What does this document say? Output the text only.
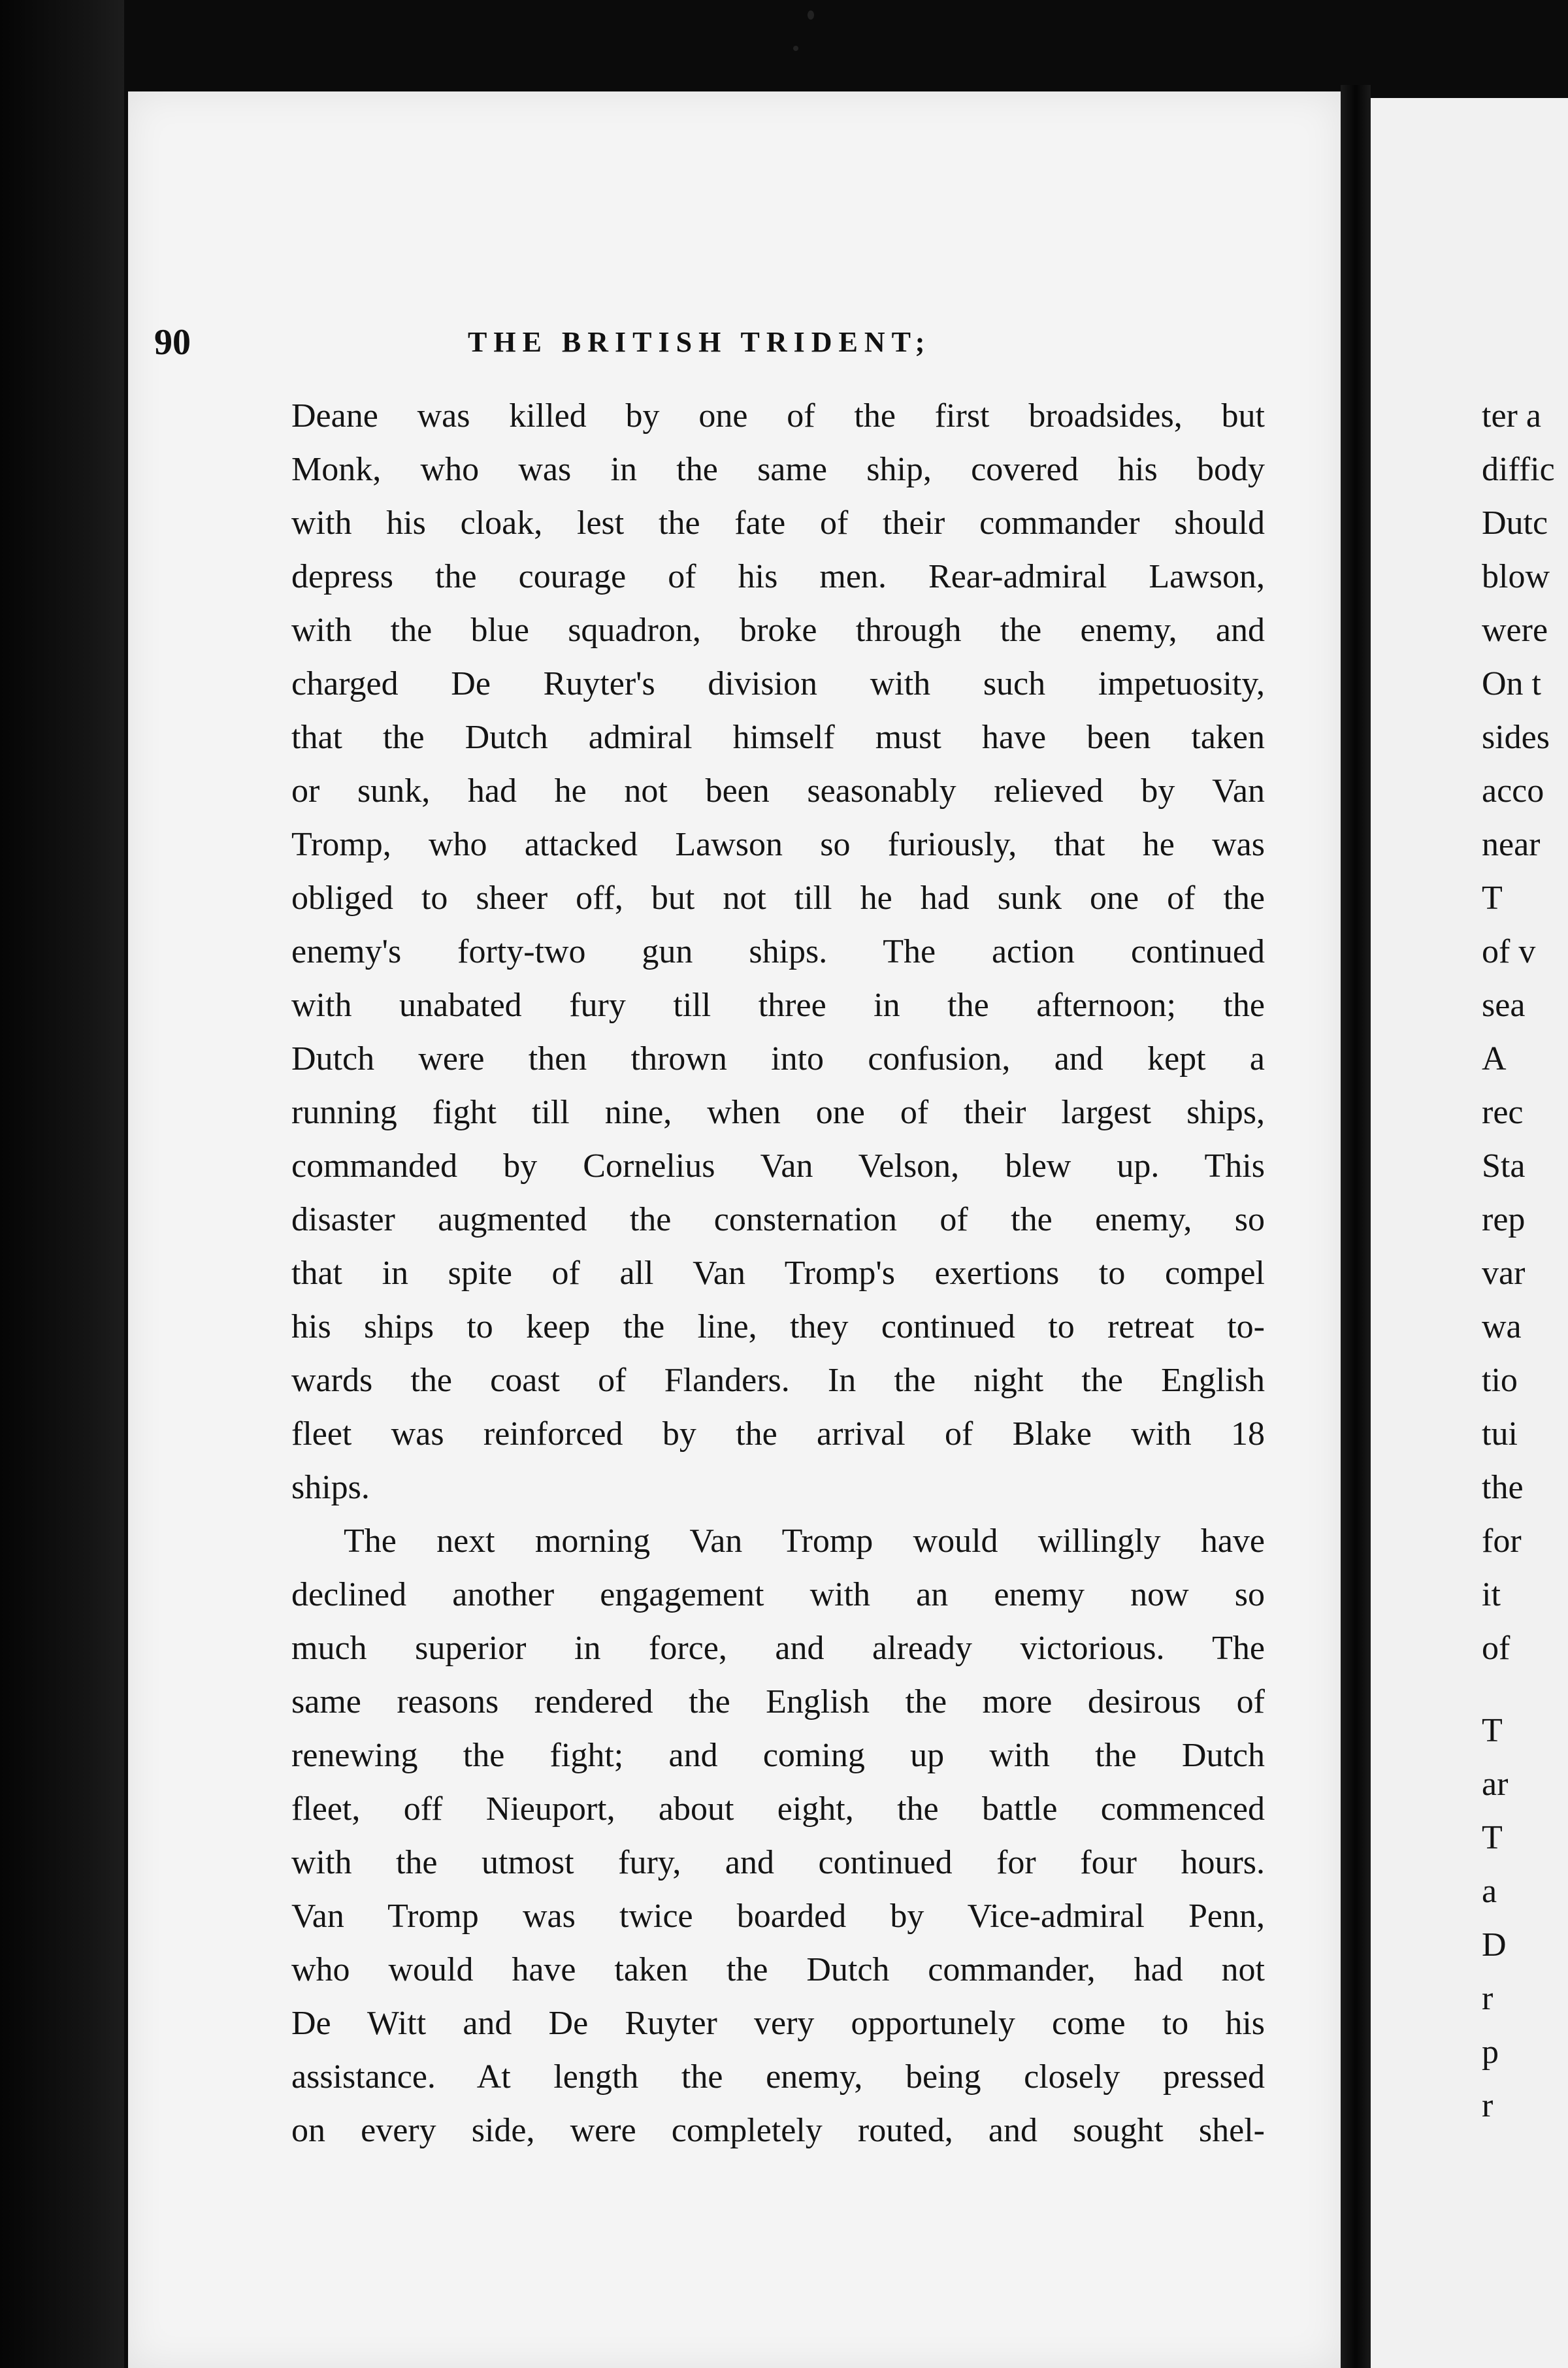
90	THE BRITISH TRIDENT;
Deane was killed by one of the first broadsides, but
Monk, who was in the same ship, covered his body
with his cloak, lest the fate of their commander should
depress the courage of his men. Rear-admiral Lawson,
with the blue squadron, broke through the enemy, and
charged De Ruyter's division with such impetuosity,
that the Dutch admiral himself must have been taken
or sunk, had he not been seasonably relieved by Van
Tromp, who attacked Lawson so furiously, that he was
obliged to sheer off, but not till he had sunk one of the
enemy's forty-two gun ships. The action continued
with unabated fury till three in the afternoon; the
Dutch were then thrown into confusion, and kept a
running fight till nine, when one of their largest ships,
commanded by Cornelius Van Velson, blew up. This
disaster augmented the consternation of the enemy, so
that in spite of all Van Tromp's exertions to compel
his ships to keep the line, they continued to retreat to-
wards the coast of Flanders. In the night the English
fleet was reinforced by the arrival of Blake with 18
ships.
The next morning Van Tromp would willingly have
declined another engagement with an enemy now so
much superior in force, and already victorious. The
same reasons rendered the English the more desirous of
renewing the fight; and coming up with the Dutch
fleet, off Nieuport, about eight, the battle commenced
with the utmost fury, and continued for four hours.
Van Tromp was twice boarded by Vice-admiral Penn,
who would have taken the Dutch commander, had not
De Witt and De Ruyter very opportunely come to his
assistance. At length the enemy, being closely pressed
on every side, were completely routed, and sought shel-
ter a
diffic
Dutc
blow
were
On t
sides
acco
near
T
of v
sea
A
rec
Sta
rep
var
wa
tio
tui
the
for
it
of
T
ar
T
a
D
r
p
r
